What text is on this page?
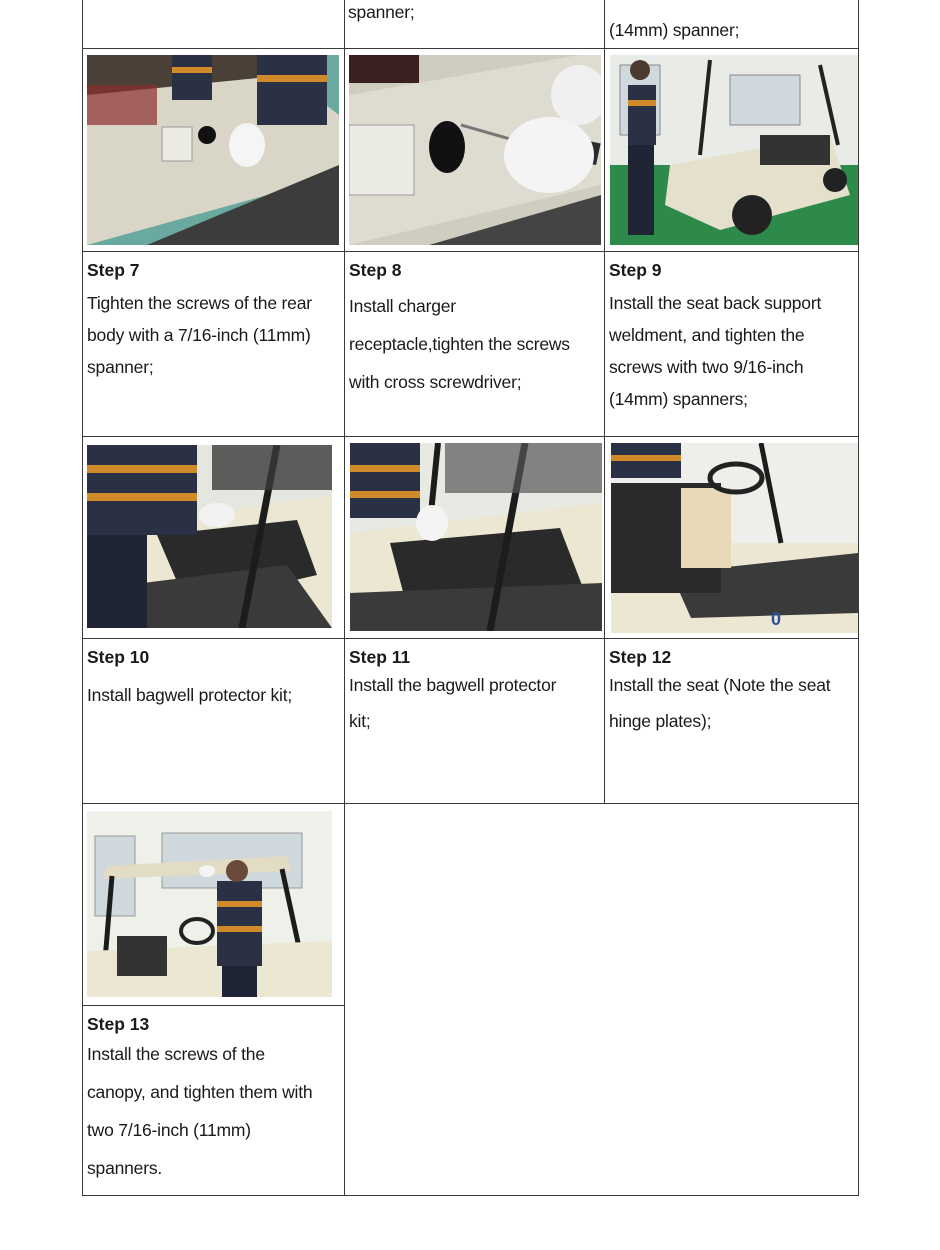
spanner;
(14mm) spanner;
Step 7
Tighten the screws of the rear
body with a 7/16-inch (11mm)
spanner;
Step 8
Install charger
receptacle,tighten the screws
with cross screwdriver;
Step 9
Install the seat back support
weldment, and tighten the
screws with two 9/16-inch
(14mm) spanners;
0
Step 10
Install bagwell protector kit;
Step 11
Install the bagwell protector
kit;
Step 12
Install the seat (Note the seat
hinge plates);
Step 13
Install the screws of the
canopy, and tighten them with
two 7/16-inch (11mm)
spanners.
